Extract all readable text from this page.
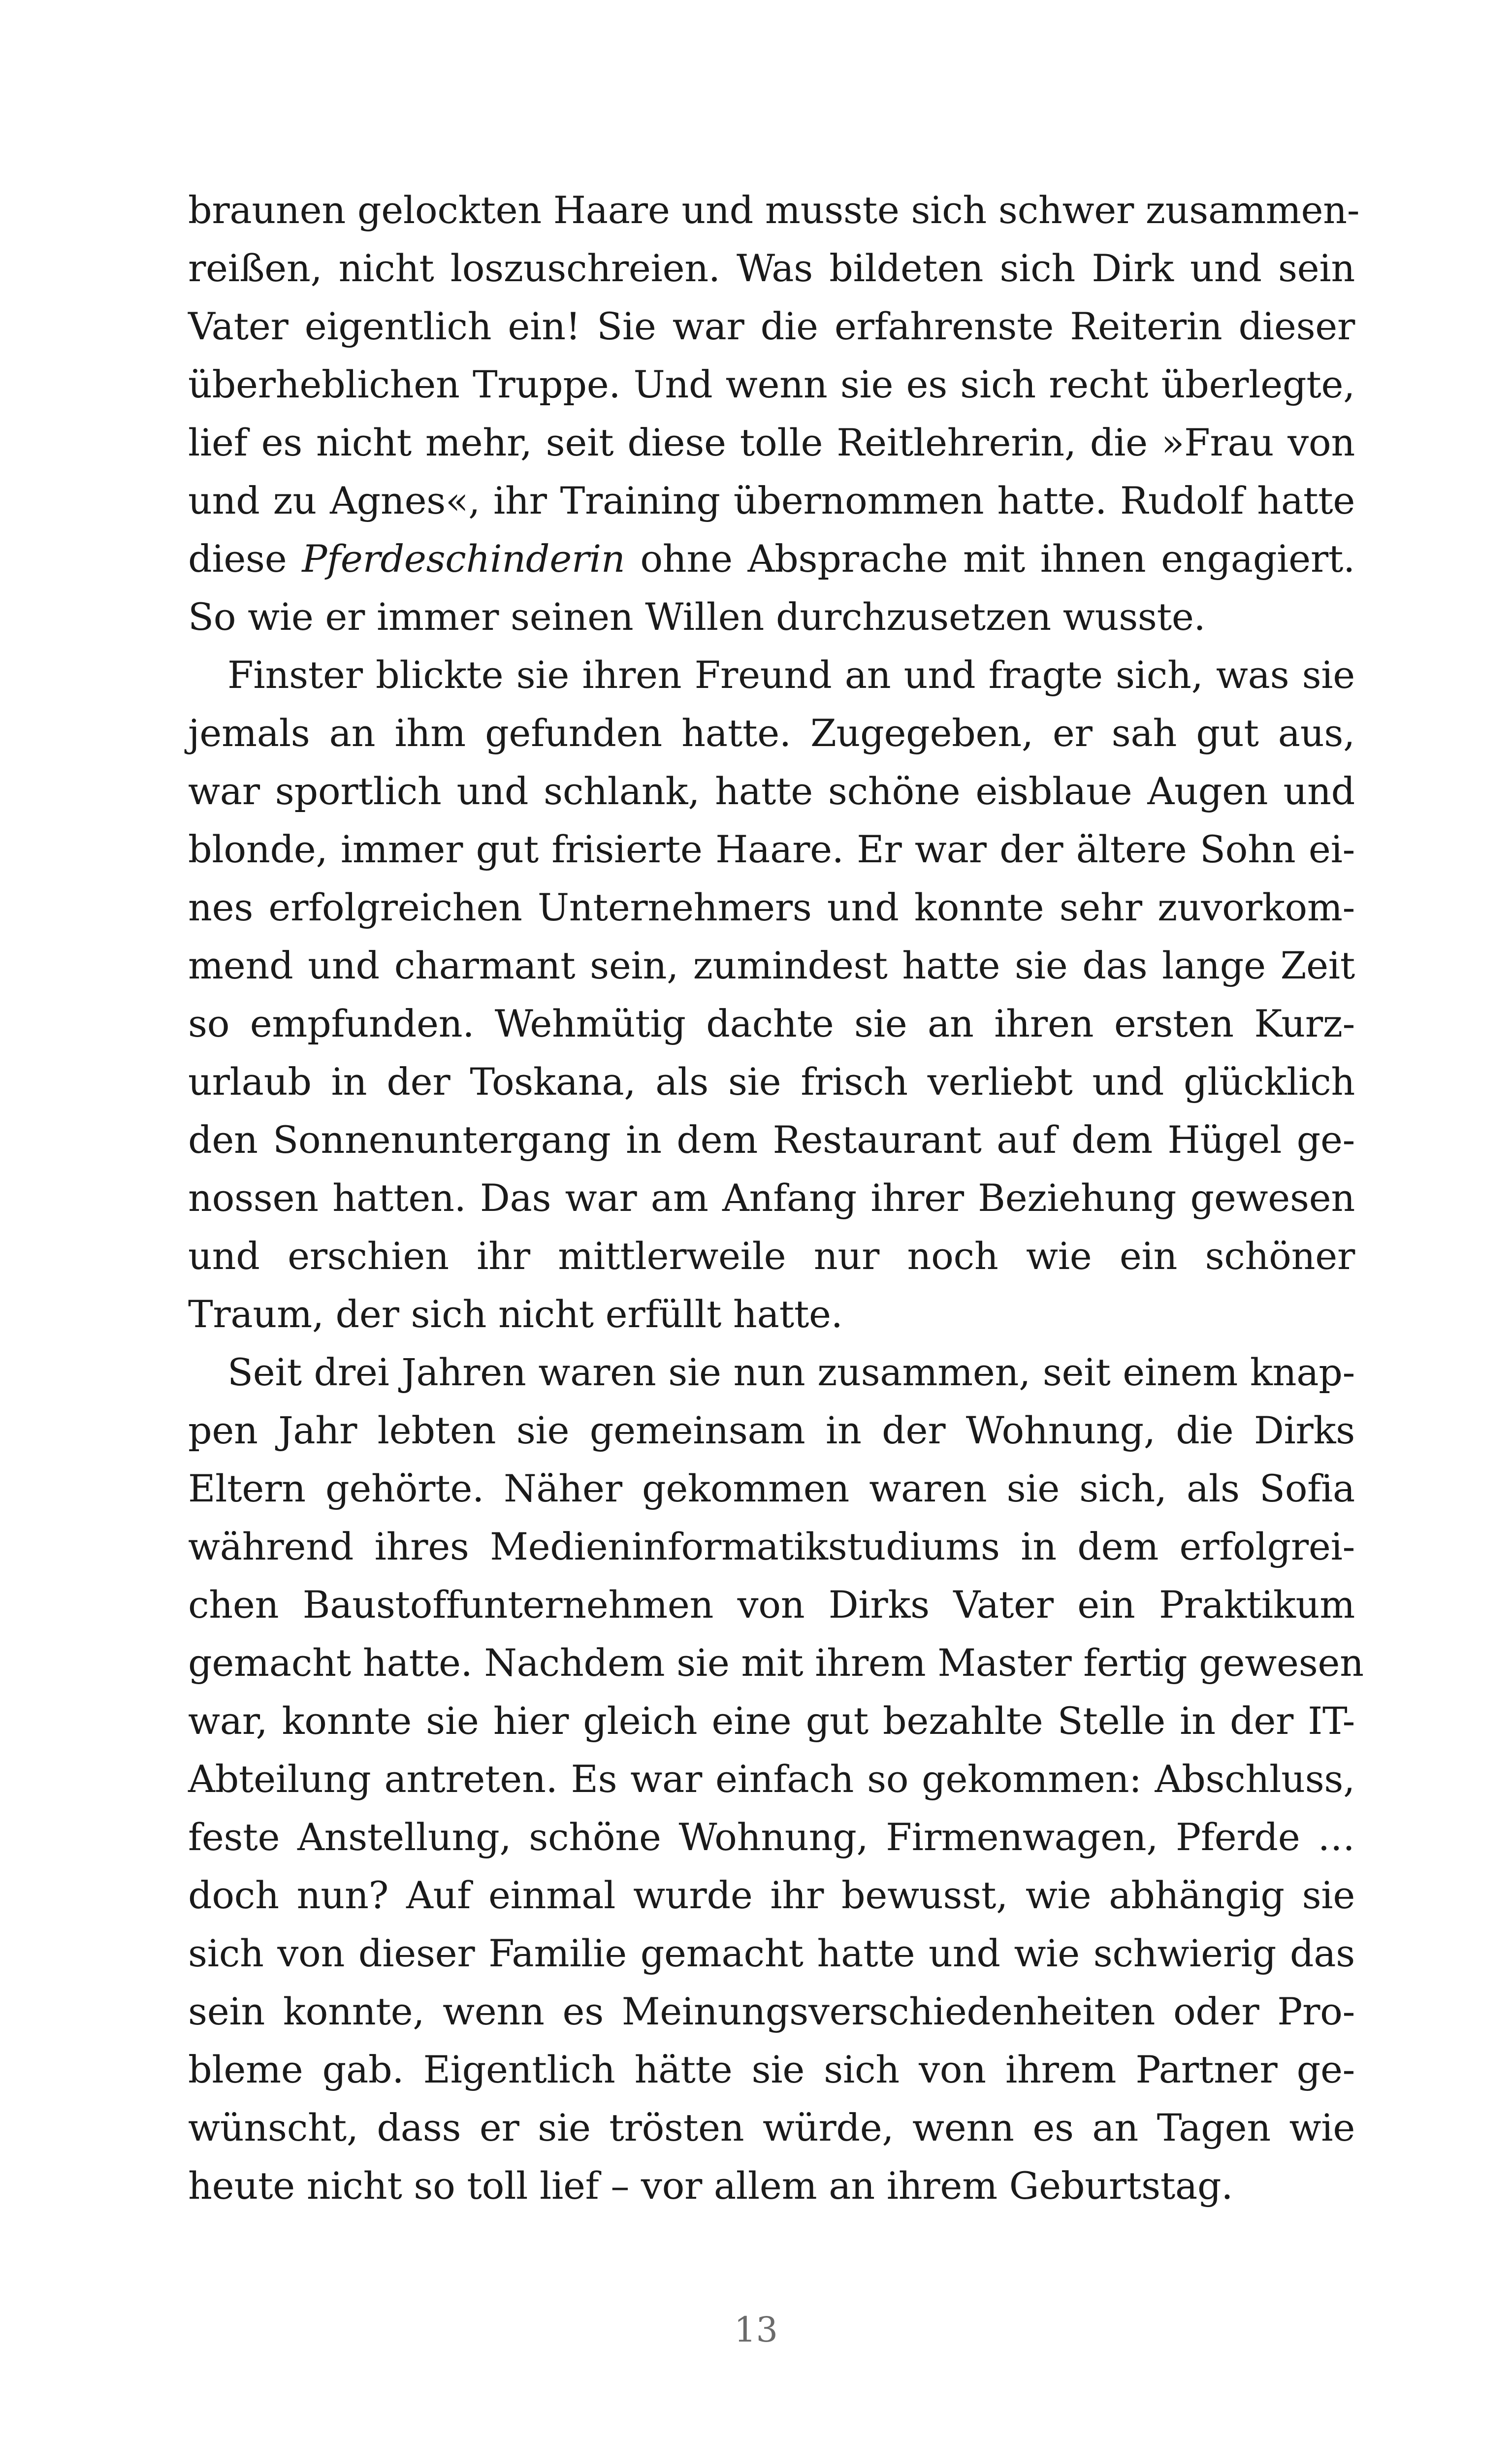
braunen gelockten Haare und musste sich schwer zusammen-
reißen, nicht loszuschreien. Was bildeten sich Dirk und sein
Vater eigentlich ein! Sie war die erfahrenste Reiterin dieser
überheblichen Truppe. Und wenn sie es sich recht überlegte,
lief es nicht mehr, seit diese tolle Reitlehrerin, die »Frau von
und zu Agnes«, ihr Training übernommen hatte. Rudolf hatte
diese Pferdeschinderin ohne Absprache mit ihnen engagiert.
So wie er immer seinen Willen durchzusetzen wusste.
Finster blickte sie ihren Freund an und fragte sich, was sie
jemals an ihm gefunden hatte. Zugegeben, er sah gut aus,
war sportlich und schlank, hatte schöne eisblaue Augen und
blonde, immer gut frisierte Haare. Er war der ältere Sohn ei-
nes erfolgreichen Unternehmers und konnte sehr zuvorkom-
mend und charmant sein, zumindest hatte sie das lange Zeit
so empfunden. Wehmütig dachte sie an ihren ersten Kurz-
urlaub in der Toskana, als sie frisch verliebt und glücklich
den Sonnenuntergang in dem Restaurant auf dem Hügel ge-
nossen hatten. Das war am Anfang ihrer Beziehung gewesen
und erschien ihr mittlerweile nur noch wie ein schöner
Traum, der sich nicht erfüllt hatte.
Seit drei Jahren waren sie nun zusammen, seit einem knap-
pen Jahr lebten sie gemeinsam in der Wohnung, die Dirks
Eltern gehörte. Näher gekommen waren sie sich, als Sofia
während ihres Medieninformatikstudiums in dem erfolgrei-
chen Baustoffunternehmen von Dirks Vater ein Praktikum
gemacht hatte. Nachdem sie mit ihrem Master fertig gewesen
war, konnte sie hier gleich eine gut bezahlte Stelle in der IT-
Abteilung antreten. Es war einfach so gekommen: Abschluss,
feste Anstellung, schöne Wohnung, Firmenwagen, Pferde …
doch nun? Auf einmal wurde ihr bewusst, wie abhängig sie
sich von dieser Familie gemacht hatte und wie schwierig das
sein konnte, wenn es Meinungsverschiedenheiten oder Pro-
bleme gab. Eigentlich hätte sie sich von ihrem Partner ge-
wünscht, dass er sie trösten würde, wenn es an Tagen wie
heute nicht so toll lief – vor allem an ihrem Geburtstag.
13
